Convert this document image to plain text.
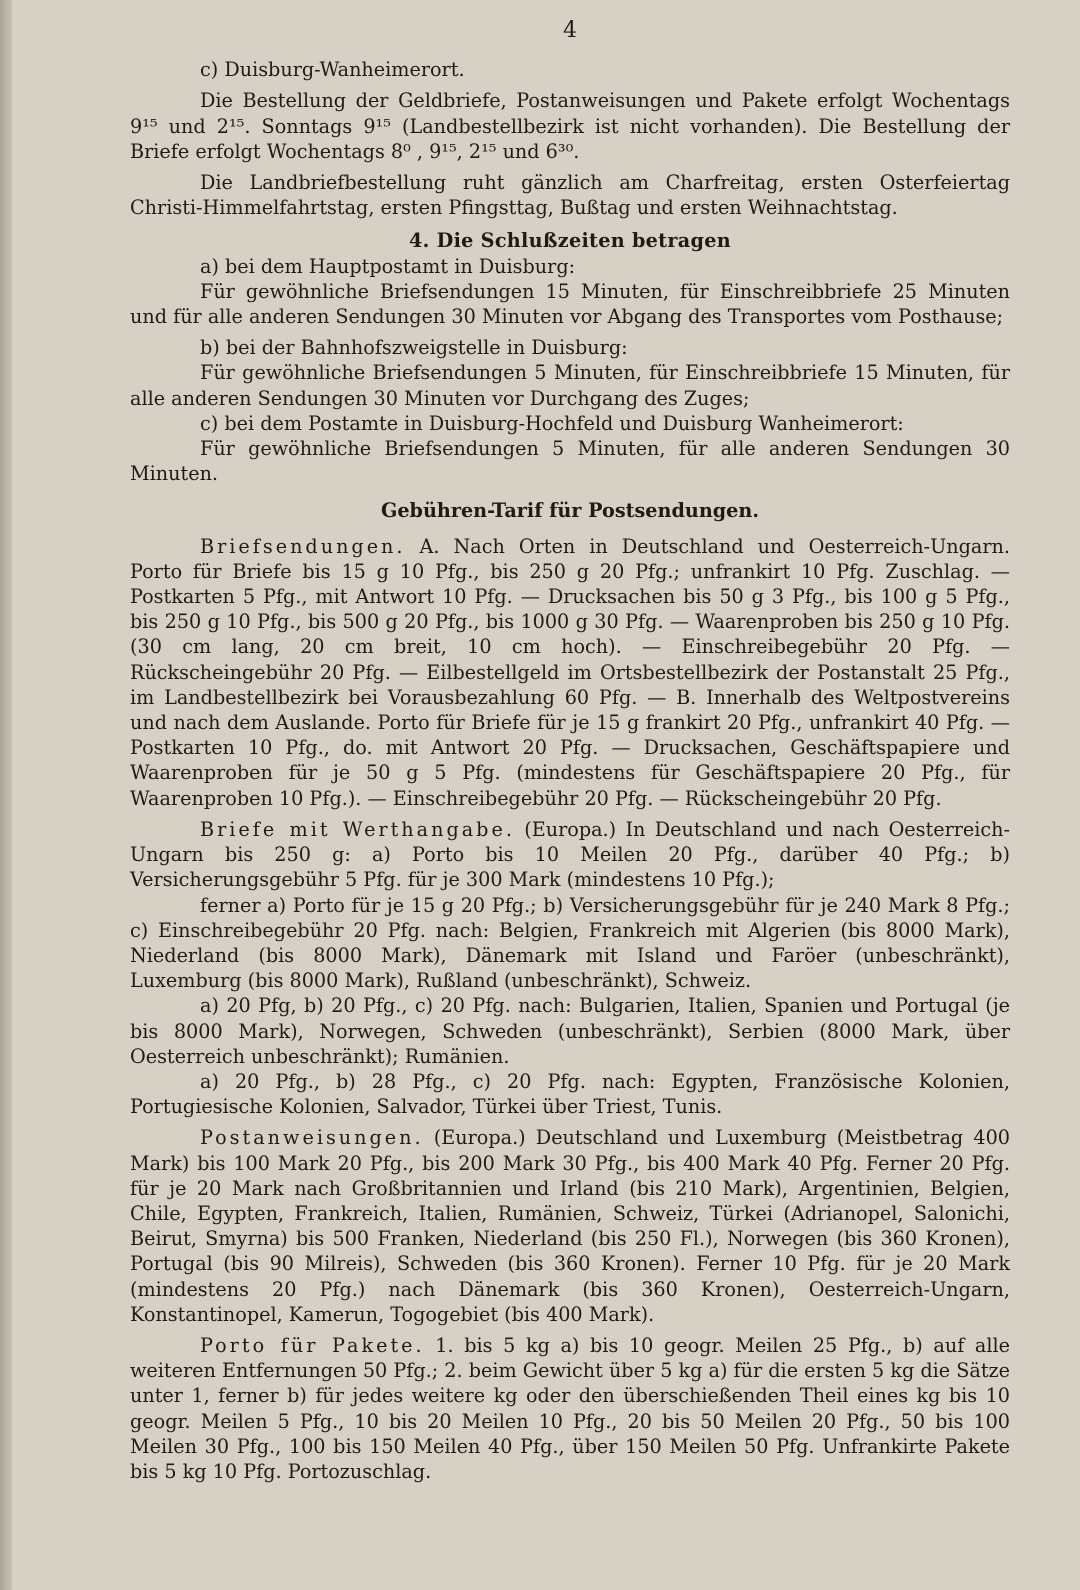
4

c) Duisburg-Wanheimerort.

Die Bestellung der Geldbriefe, Postanweisungen und Pakete erfolgt Wochentags 9¹⁵ und 2¹⁵. Sonntags 9¹⁵ (Landbestellbezirk ist nicht vorhanden). Die Bestellung der Briefe erfolgt Wochentags 8⁰ , 9¹⁵, 2¹⁵ und 6³⁰.

Die Landbriefbestellung ruht gänzlich am Charfreitag, ersten Osterfeiertag Christi-Himmelfahrtstag, ersten Pfingsttag, Bußtag und ersten Weihnachtstag.

4. Die Schlußzeiten betragen

a) bei dem Hauptpostamt in Duisburg:

Für gewöhnliche Briefsendungen 15 Minuten, für Einschreibbriefe 25 Minuten und für alle anderen Sendungen 30 Minuten vor Abgang des Transportes vom Posthause;

b) bei der Bahnhofszweigstelle in Duisburg:

Für gewöhnliche Briefsendungen 5 Minuten, für Einschreibbriefe 15 Minuten, für alle anderen Sendungen 30 Minuten vor Durchgang des Zuges;

c) bei dem Postamte in Duisburg-Hochfeld und Duisburg Wanheimerort:

Für gewöhnliche Briefsendungen 5 Minuten, für alle anderen Sendungen 30 Minuten.

Gebühren-Tarif für Postsendungen.

Briefsendungen. A. Nach Orten in Deutschland und Oesterreich-Ungarn. Porto für Briefe bis 15 g 10 Pfg., bis 250 g 20 Pfg.; unfrankirt 10 Pfg. Zuschlag. — Postkarten 5 Pfg., mit Antwort 10 Pfg. — Drucksachen bis 50 g 3 Pfg., bis 100 g 5 Pfg., bis 250 g 10 Pfg., bis 500 g 20 Pfg., bis 1000 g 30 Pfg. — Waarenproben bis 250 g 10 Pfg. (30 cm lang, 20 cm breit, 10 cm hoch). — Einschreibegebühr 20 Pfg. — Rückscheingebühr 20 Pfg. — Eilbestellgeld im Ortsbestellbezirk der Postanstalt 25 Pfg., im Landbestellbezirk bei Vorausbezahlung 60 Pfg. — B. Innerhalb des Weltpostvereins und nach dem Auslande. Porto für Briefe für je 15 g frankirt 20 Pfg., unfrankirt 40 Pfg. — Postkarten 10 Pfg., do. mit Antwort 20 Pfg. — Drucksachen, Geschäftspapiere und Waarenproben für je 50 g 5 Pfg. (mindestens für Geschäftspapiere 20 Pfg., für Waarenproben 10 Pfg.). — Einschreibegebühr 20 Pfg. — Rückscheingebühr 20 Pfg.

Briefe mit Werthangabe. (Europa.) In Deutschland und nach Oesterreich-Ungarn bis 250 g: a) Porto bis 10 Meilen 20 Pfg., darüber 40 Pfg.; b) Versicherungsgebühr 5 Pfg. für je 300 Mark (mindestens 10 Pfg.);

ferner a) Porto für je 15 g 20 Pfg.; b) Versicherungsgebühr für je 240 Mark 8 Pfg.; c) Einschreibegebühr 20 Pfg. nach: Belgien, Frankreich mit Algerien (bis 8000 Mark), Niederland (bis 8000 Mark), Dänemark mit Island und Faröer (unbeschränkt), Luxemburg (bis 8000 Mark), Rußland (unbeschränkt), Schweiz.

a) 20 Pfg, b) 20 Pfg., c) 20 Pfg. nach: Bulgarien, Italien, Spanien und Portugal (je bis 8000 Mark), Norwegen, Schweden (unbeschränkt), Serbien (8000 Mark, über Oesterreich unbeschränkt); Rumänien.

a) 20 Pfg., b) 28 Pfg., c) 20 Pfg. nach: Egypten, Französische Kolonien, Portugiesische Kolonien, Salvador, Türkei über Triest, Tunis.

Postanweisungen. (Europa.) Deutschland und Luxemburg (Meistbetrag 400 Mark) bis 100 Mark 20 Pfg., bis 200 Mark 30 Pfg., bis 400 Mark 40 Pfg. Ferner 20 Pfg. für je 20 Mark nach Großbritannien und Irland (bis 210 Mark), Argentinien, Belgien, Chile, Egypten, Frankreich, Italien, Rumänien, Schweiz, Türkei (Adrianopel, Salonichi, Beirut, Smyrna) bis 500 Franken, Niederland (bis 250 Fl.), Norwegen (bis 360 Kronen), Portugal (bis 90 Milreis), Schweden (bis 360 Kronen). Ferner 10 Pfg. für je 20 Mark (mindestens 20 Pfg.) nach Dänemark (bis 360 Kronen), Oesterreich-Ungarn, Konstantinopel, Kamerun, Togogebiet (bis 400 Mark).

Porto für Pakete. 1. bis 5 kg a) bis 10 geogr. Meilen 25 Pfg., b) auf alle weiteren Entfernungen 50 Pfg.; 2. beim Gewicht über 5 kg a) für die ersten 5 kg die Sätze unter 1, ferner b) für jedes weitere kg oder den überschießenden Theil eines kg bis 10 geogr. Meilen 5 Pfg., 10 bis 20 Meilen 10 Pfg., 20 bis 50 Meilen 20 Pfg., 50 bis 100 Meilen 30 Pfg., 100 bis 150 Meilen 40 Pfg., über 150 Meilen 50 Pfg. Unfrankirte Pakete bis 5 kg 10 Pfg. Portozuschlag.
